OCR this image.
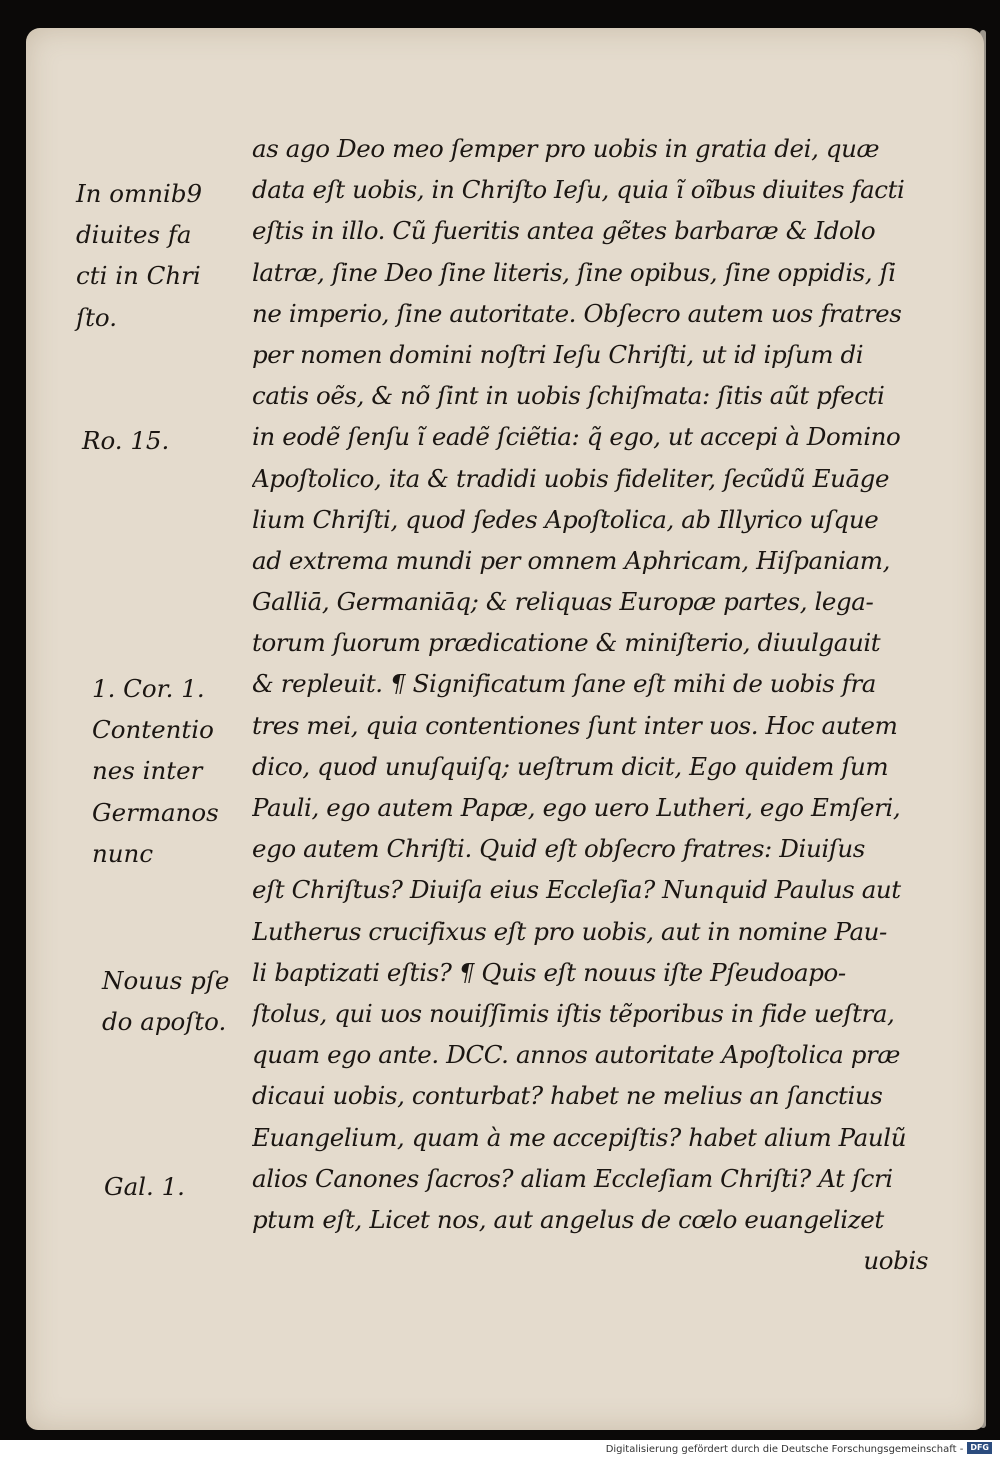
as ago Deo meo ſemper pro uobis in gratia dei, quæ
data eſt uobis, in Chriſto Ieſu, quia ĩ oĩbus diuites facti
eſtis in illo. Cũ fueritis antea gẽtes barbaræ & Idolo
latræ, ſine Deo ſine literis, ſine opibus, ſine oppidis, ſi
ne imperio, ſine autoritate. Obſecro autem uos fratres
per nomen domini noſtri Ieſu Chriſti, ut id ipſum di
catis oẽs, & nõ ſint in uobis ſchiſmata: ſitis aũt pfecti
in eodẽ ſenſu ĩ eadẽ ſciẽtia: q̃ ego, ut accepi à Domino
Apoſtolico, ita & tradidi uobis fideliter, ſecũdũ Euāge
lium Chriſti, quod ſedes Apoſtolica, ab Illyrico uſque
ad extrema mundi per omnem Aphricam, Hiſpaniam,
Galliā, Germaniāq; & reliquas Europæ partes, lega-
torum ſuorum prædicatione & miniſterio, diuulgauit
& repleuit. ¶ Significatum ſane eſt mihi de uobis fra
tres mei, quia contentiones ſunt inter uos. Hoc autem
dico, quod unuſquiſq; ueſtrum dicit, Ego quidem ſum
Pauli, ego autem Papæ, ego uero Lutheri, ego Emſeri,
ego autem Chriſti. Quid eſt obſecro fratres: Diuiſus
eſt Chriſtus? Diuiſa eius Eccleſia? Nunquid Paulus aut
Lutherus crucifixus eſt pro uobis, aut in nomine Pau-
li baptizati eſtis? ¶ Quis eſt nouus iſte Pſeudoapo-
ſtolus, qui uos nouiſſimis iſtis tẽporibus in fide ueſtra,
quam ego ante. DCC. annos autoritate Apoſtolica præ
dicaui uobis, conturbat? habet ne melius an ſanctius
Euangelium, quam à me accepiſtis? habet alium Paulũ
alios Canones ſacros? aliam Eccleſiam Chriſti? At ſcri
ptum eſt, Licet nos, aut angelus de cœlo euangelizet
uobis
In omnib9
diuites fa
cti in Chri
ſto.
Ro. 15.
1. Cor. 1.
Contentio
nes inter
Germanos
nunc
Nouus pſe
do apoſto.
Gal. 1.
Digitalisierung gefördert durch die Deutsche Forschungsgemeinschaft - DFG
